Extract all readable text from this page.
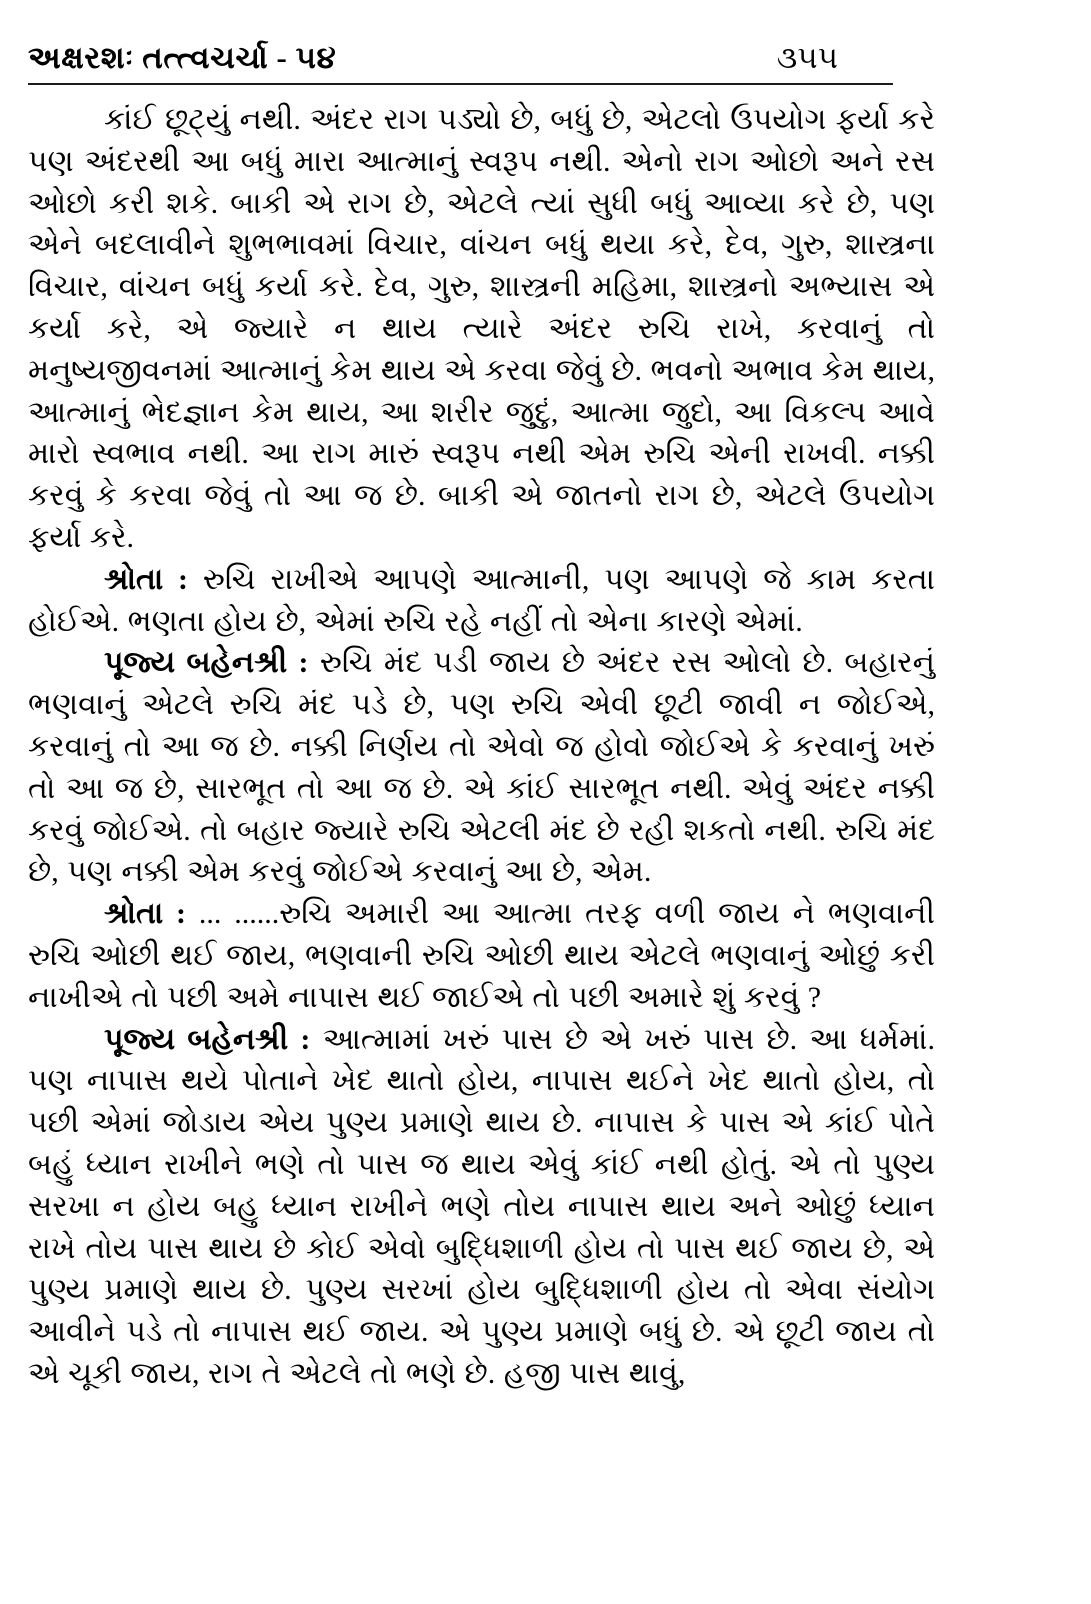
અક્ષરશઃ તત્ત્વચર્ચા - ૫૪	૩૫૫

કાંઈ છૂટ્યું નથી. અંદર રાગ પડ્યો છે, બધું છે, એટલો ઉપયોગ ફર્યા કરે પણ અંદરથી આ બધું મારા આત્માનું સ્વરૂપ નથી. એનો રાગ ઓછો અને રસ ઓછો કરી શકે. બાકી એ રાગ છે, એટલે ત્યાં સુધી બધું આવ્યા કરે છે, પણ એને બદલાવીને શુભભાવમાં વિચાર, વાંચન બધું થયા કરે, દેવ, ગુરુ, શાસ્ત્રના વિચાર, વાંચન બધું કર્યા કરે. દેવ, ગુરુ, શાસ્ત્રની મહિમા, શાસ્ત્રનો અભ્યાસ એ કર્યા કરે, એ જ્યારે ન થાય ત્યારે અંદર રુચિ રાખે, કરવાનું તો મનુષ્યજીવનમાં આત્માનું કેમ થાય એ કરવા જેવું છે. ભવનો અભાવ કેમ થાય, આત્માનું ભેદજ્ઞાન કેમ થાય, આ શરીર જુદું, આત્મા જુદો, આ વિકલ્પ આવે મારો સ્વભાવ નથી. આ રાગ મારું સ્વરૂપ નથી એમ રુચિ એની રાખવી. નક્કી કરવું કે કરવા જેવું તો આ જ છે. બાકી એ જાતનો રાગ છે, એટલે ઉપયોગ ફર્યા કરે.

શ્રોતા : રુચિ રાખીએ આપણે આત્માની, પણ આપણે જે કામ કરતા હોઈએ. ભણતા હોય છે, એમાં રુચિ રહે નહીં તો એના કારણે એમાં.

પૂજ્ય બહેનશ્રી : રુચિ મંદ પડી જાય છે અંદર રસ ઓલો છે. બહારનું ભણવાનું એટલે રુચિ મંદ પડે છે, પણ રુચિ એવી છૂટી જાવી ન જોઈએ, કરવાનું તો આ જ છે. નક્કી નિર્ણય તો એવો જ હોવો જોઈએ કે કરવાનું ખરું તો આ જ છે, સારભૂત તો આ જ છે. એ કાંઈ સારભૂત નથી. એવું અંદર નક્કી કરવું જોઈએ. તો બહાર જ્યારે રુચિ એટલી મંદ છે રહી શકતો નથી. રુચિ મંદ છે, પણ નક્કી એમ કરવું જોઈએ કરવાનું આ છે, એમ.

શ્રોતા : ... ......રુચિ અમારી આ આત્મા તરફ વળી જાય ને ભણવાની રુચિ ઓછી થઈ જાય, ભણવાની રુચિ ઓછી થાય એટલે ભણવાનું ઓછું કરી નાખીએ તો પછી અમે નાપાસ થઈ જાઈએ તો પછી અમારે શું કરવું ?

પૂજ્ય બહેનશ્રી : આત્મામાં ખરું પાસ છે એ ખરું પાસ છે. આ ધર્મમાં. પણ નાપાસ થયે પોતાને ખેદ થાતો હોય, નાપાસ થઈને ખેદ થાતો હોય, તો પછી એમાં જોડાય એય પુણ્ય પ્રમાણે થાય છે. નાપાસ કે પાસ એ કાંઈ પોતે બહું ધ્યાન રાખીને ભણે તો પાસ જ થાય એવું કાંઈ નથી હોતું. એ તો પુણ્ય સરખા ન હોય બહુ ધ્યાન રાખીને ભણે તોય નાપાસ થાય અને ઓછું ધ્યાન રાખે તોય પાસ થાય છે કોઈ એવો બુદ્ધિશાળી હોય તો પાસ થઈ જાય છે, એ પુણ્ય પ્રમાણે થાય છે. પુણ્ય સરખાં હોય બુદ્ધિશાળી હોય તો એવા સંયોગ આવીને પડે તો નાપાસ થઈ જાય. એ પુણ્ય પ્રમાણે બધું છે. એ છૂટી જાય તો એ ચૂકી જાય, રાગ તે એટલે તો ભણે છે. હજી પાસ થાવું,
